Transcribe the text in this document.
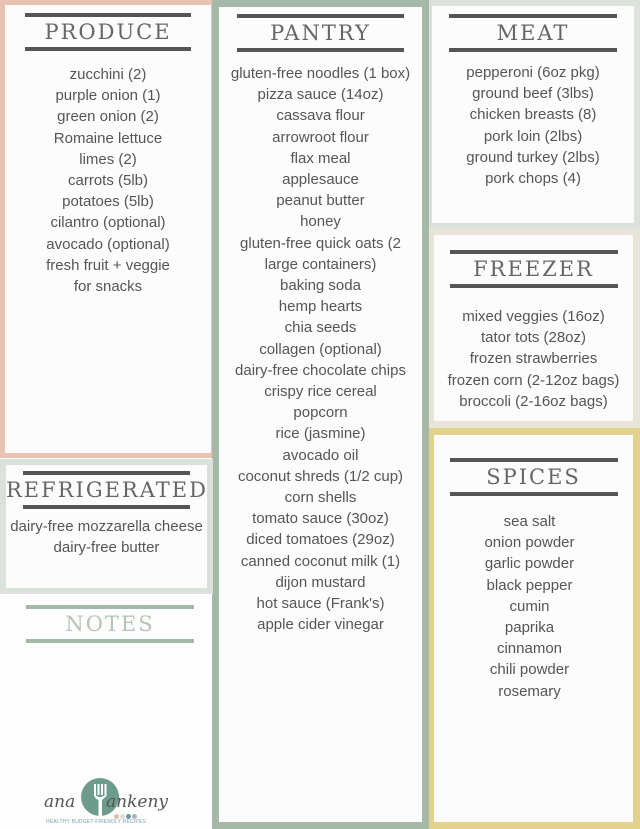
PRODUCE
zucchini (2)
purple onion (1)
green onion (2)
Romaine lettuce
limes (2)
carrots (5lb)
potatoes (5lb)
cilantro (optional)
avocado (optional)
fresh fruit + veggie
for snacks
PANTRY
gluten-free noodles (1 box)
pizza sauce (14oz)
cassava flour
arrowroot flour
flax meal
applesauce
peanut butter
honey
gluten-free quick oats (2
large containers)
baking soda
hemp hearts
chia seeds
collagen (optional)
dairy-free chocolate chips
crispy rice cereal
popcorn
rice (jasmine)
avocado oil
coconut shreds (1/2 cup)
corn shells
tomato sauce (30oz)
diced tomatoes (29oz)
canned coconut milk (1)
dijon mustard
hot sauce (Frank's)
apple cider vinegar
REFRIGERATED
dairy-free mozzarella cheese
dairy-free butter
NOTES
ana ankeny
HEALTHY BUDGET-FRIENDLY RECIPES
MEAT
pepperoni (6oz pkg)
ground beef (3lbs)
chicken breasts (8)
pork loin (2lbs)
ground turkey (2lbs)
pork chops (4)
FREEZER
mixed veggies (16oz)
tator tots (28oz)
frozen strawberries
frozen corn (2-12oz bags)
broccoli (2-16oz bags)
SPICES
sea salt
onion powder
garlic powder
black pepper
cumin
paprika
cinnamon
chili powder
rosemary
